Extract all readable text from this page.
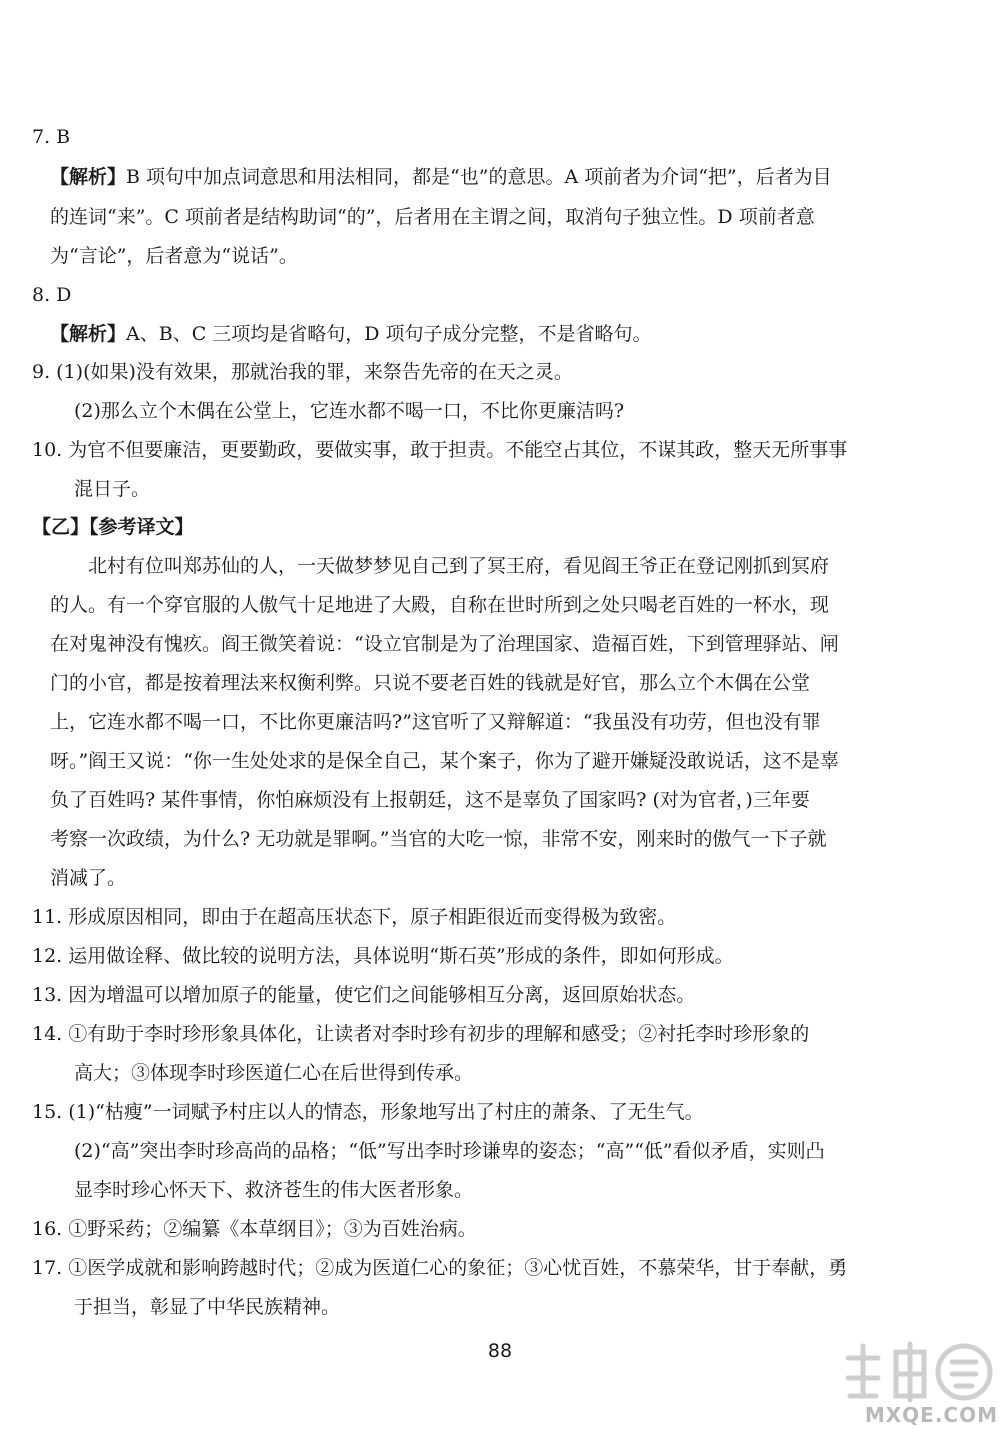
7. B
【解析】B 项句中加点词意思和用法相同，都是“也”的意思。A 项前者为介词“把”，后者为目
的连词“来”。C 项前者是结构助词“的”，后者用在主谓之间，取消句子独立性。D 项前者意
为“言论”，后者意为“说话”。
8. D
【解析】A、B、C 三项均是省略句，D 项句子成分完整，不是省略句。
9. (1)(如果)没有效果，那就治我的罪，来祭告先帝的在天之灵。
(2)那么立个木偶在公堂上，它连水都不喝一口，不比你更廉洁吗?
10. 为官不但要廉洁，更要勤政，要做实事，敢于担责。不能空占其位，不谋其政，整天无所事事
混日子。
【乙】【参考译文】
北村有位叫郑苏仙的人，一天做梦梦见自己到了冥王府，看见阎王爷正在登记刚抓到冥府
的人。有一个穿官服的人傲气十足地进了大殿，自称在世时所到之处只喝老百姓的一杯水，现
在对鬼神没有愧疚。阎王微笑着说：“设立官制是为了治理国家、造福百姓，下到管理驿站、闸
门的小官，都是按着理法来权衡利弊。只说不要老百姓的钱就是好官，那么立个木偶在公堂
上，它连水都不喝一口，不比你更廉洁吗?”这官听了又辩解道：“我虽没有功劳，但也没有罪
呀。”阎王又说：“你一生处处求的是保全自己，某个案子，你为了避开嫌疑没敢说话，这不是辜
负了百姓吗? 某件事情，你怕麻烦没有上报朝廷，这不是辜负了国家吗? (对为官者，)三年要
考察一次政绩，为什么? 无功就是罪啊。”当官的大吃一惊，非常不安，刚来时的傲气一下子就
消减了。
11. 形成原因相同，即由于在超高压状态下，原子相距很近而变得极为致密。
12. 运用做诠释、做比较的说明方法，具体说明“斯石英”形成的条件，即如何形成。
13. 因为增温可以增加原子的能量，使它们之间能够相互分离，返回原始状态。
14. ①有助于李时珍形象具体化，让读者对李时珍有初步的理解和感受；②衬托李时珍形象的
高大；③体现李时珍医道仁心在后世得到传承。
15. (1)“枯瘦”一词赋予村庄以人的情态，形象地写出了村庄的萧条、了无生气。
(2)“高”突出李时珍高尚的品格；“低”写出李时珍谦卑的姿态；“高”“低”看似矛盾，实则凸
显李时珍心怀天下、救济苍生的伟大医者形象。
16. ①野采药；②编纂《本草纲目》；③为百姓治病。
17. ①医学成就和影响跨越时代；②成为医道仁心的象征；③心忧百姓，不慕荣华，甘于奉献，勇
于担当，彰显了中华民族精神。
88
MXQE.COM
